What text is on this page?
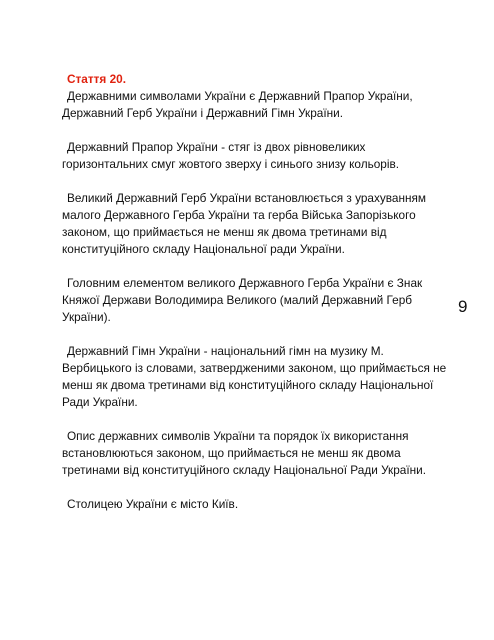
Стаття 20.

Державними символами України є Державний Прапор України,
Державний Герб України і Державний Гімн України.

Державний Прапор України - стяг із двох рівновеликих
горизонтальних смуг жовтого зверху і синього знизу кольорів.

Великий Державний Герб України встановлюється з урахуванням
малого Державного Герба України та герба Війська Запорізького
законом, що приймається не менш як двома третинами від
конституційного складу Національної ради України.

Головним елементом великого Державного Герба України є Знак
Княжої Держави Володимира Великого (малий Державний Герб
України).

Державний Гімн України - національний гімн на музику М.
Вербицького із словами, затвердженими законом, що приймається не
менш як двома третинами від конституційного складу Національної
Ради України.

Опис державних символів України та порядок їх використання
встановлюються законом, що приймається не менш як двома
третинами від конституційного складу Національної Ради України.

Столицею України є місто Київ.

9
